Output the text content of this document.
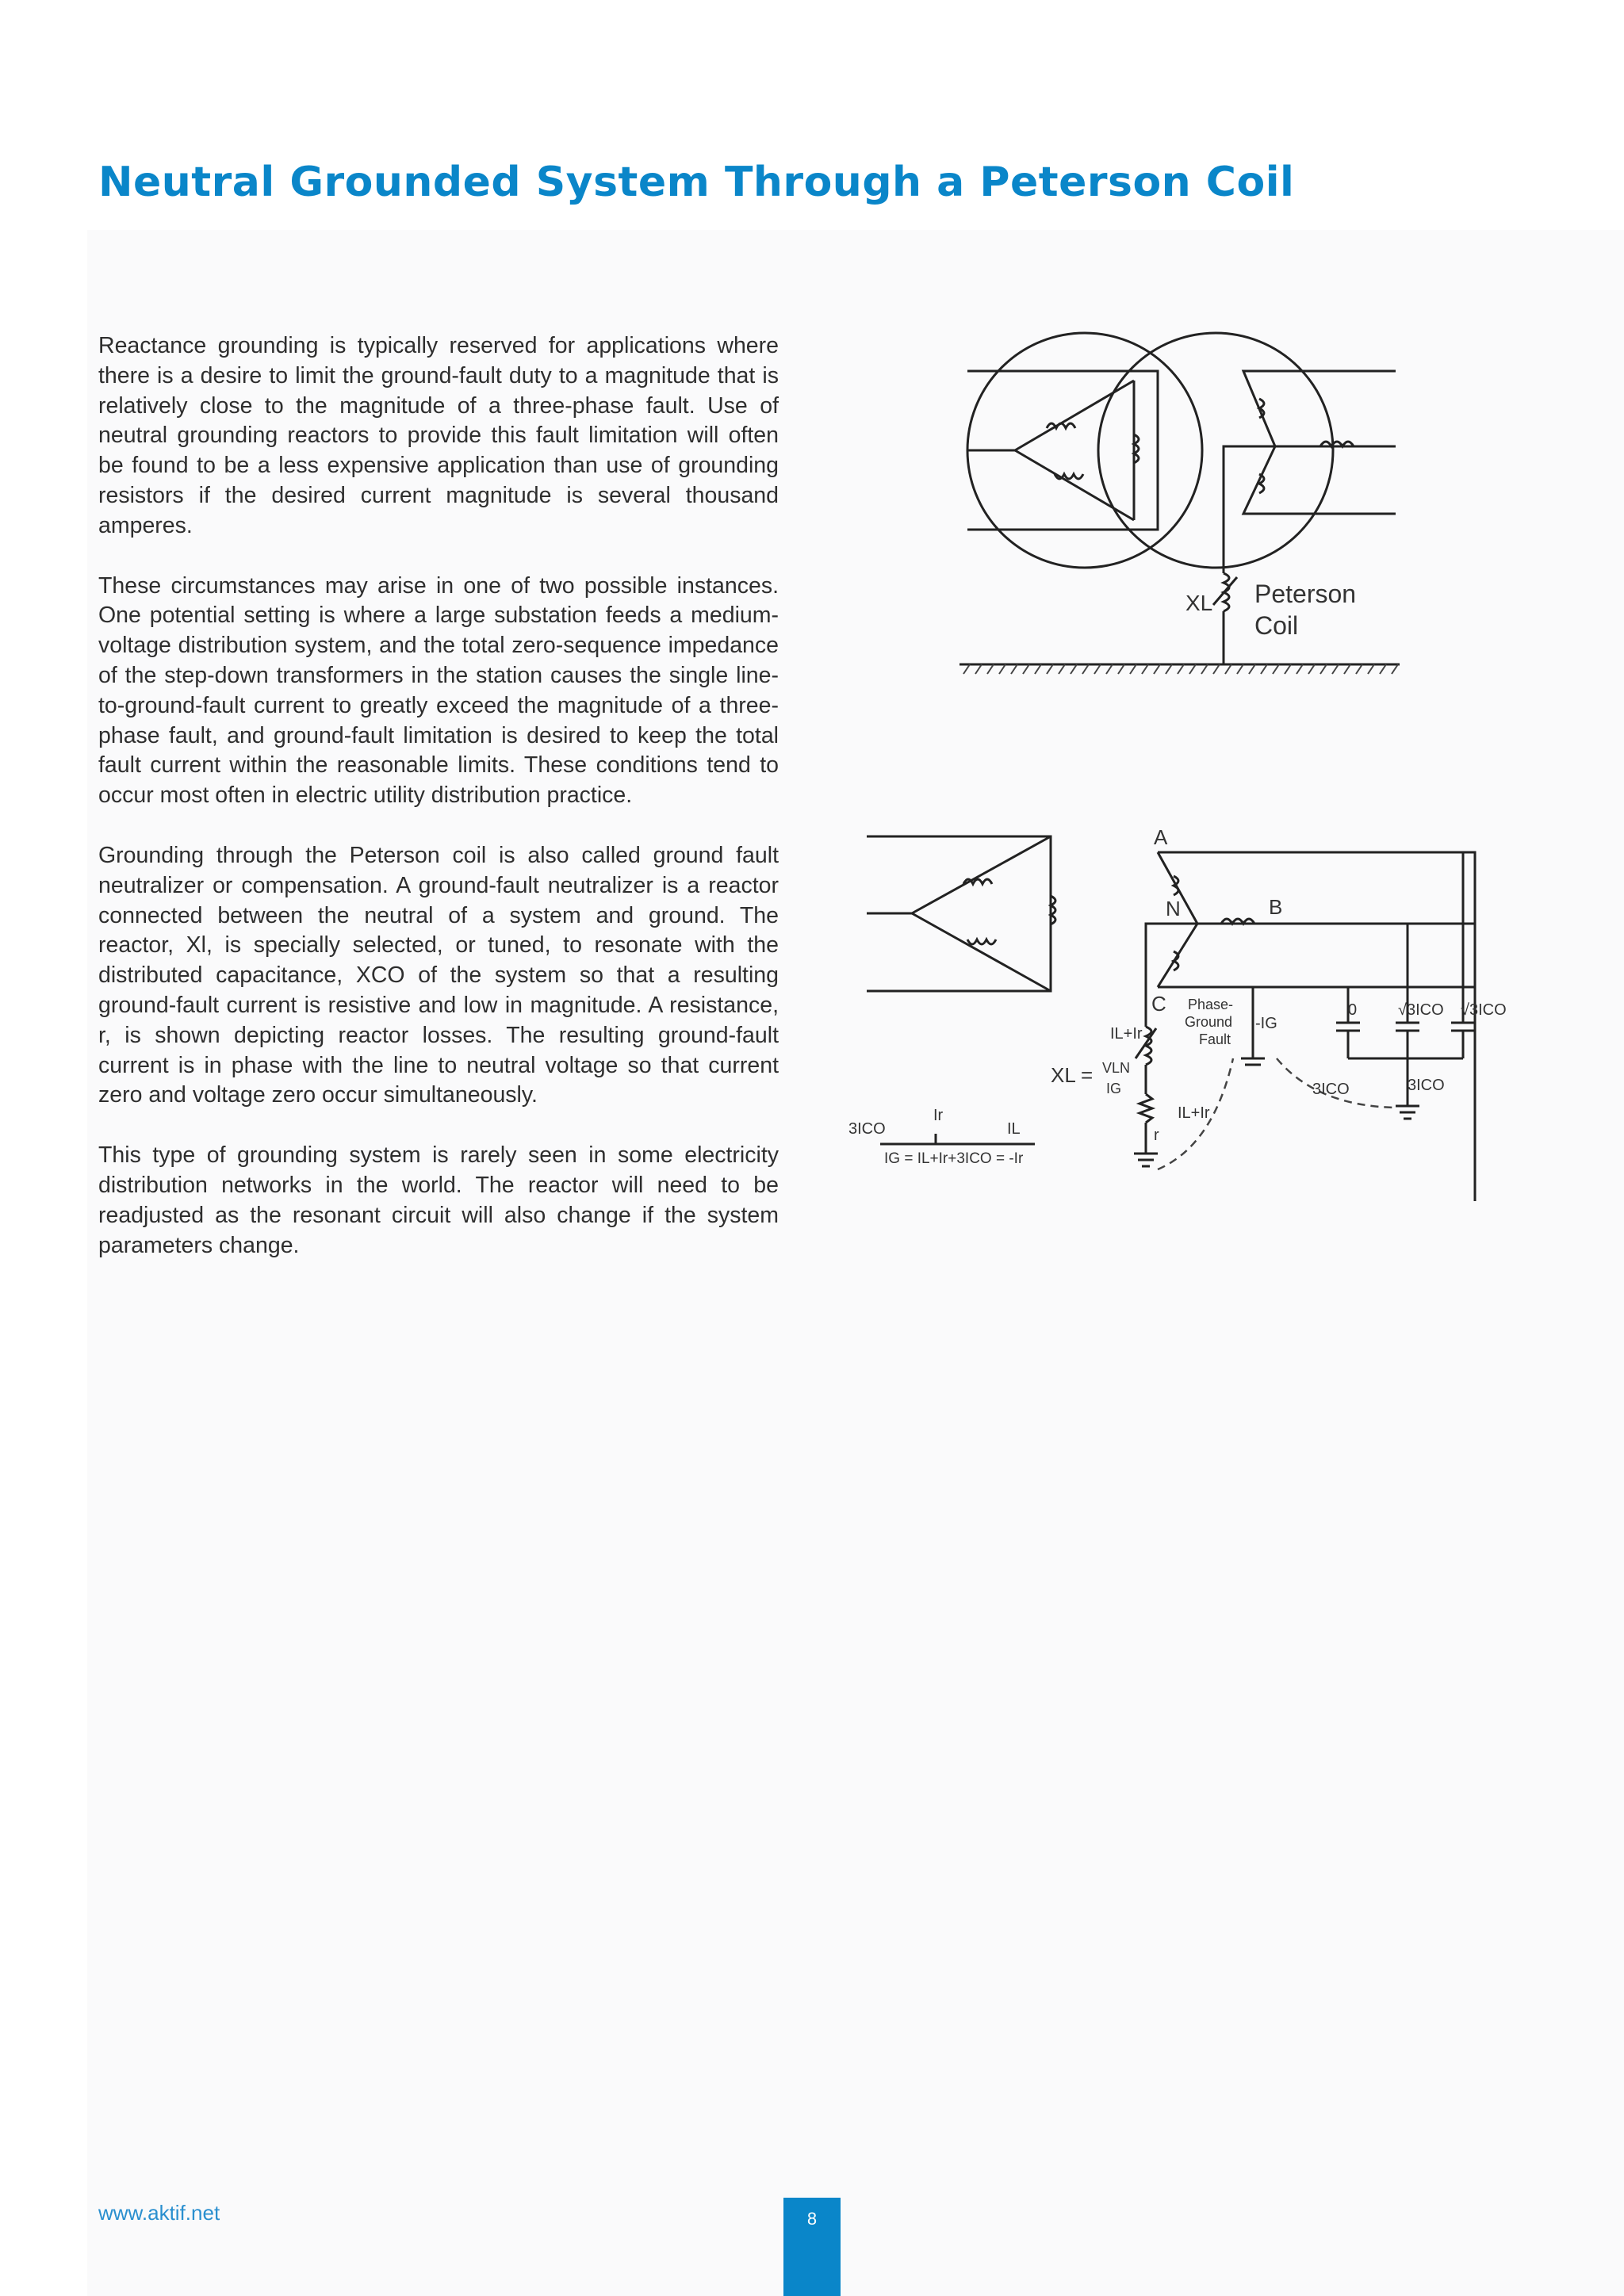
Neutral Grounded System Through a Peterson Coil

Reactance grounding is typically reserved for applications where there is a desire to limit the ground-fault duty to a magnitude that is relatively close to the magnitude of a three-phase fault. Use of neutral grounding reactors to provide this fault limitation will often be found to be a less expensive application than use of grounding resistors if the desired current magnitude is several thousand amperes.

These circumstances may arise in one of two possible instances. One potential setting is where a large substation feeds a medium-voltage distribution system, and the total zero-sequence impedance of the step-down transformers in the station causes the single line-to-ground-fault current to greatly exceed the magnitude of a three-phase fault, and ground-fault limitation is desired to keep the total fault current within the reasonable limits. These conditions tend to occur most often in electric utility distribution practice.

Grounding through the Peterson coil is also called ground fault neutralizer or compensation. A ground-fault neutralizer is a reactor connected between the neutral of a system and ground. The reactor, Xl, is specially selected, or tuned, to resonate with the distributed capacitance, XCO of the system so that a resulting ground-fault current is resistive and low in magnitude. A resistance, r, is shown depicting reactor losses. The resulting ground-fault current is in phase with the line to neutral voltage so that current zero and voltage zero occur simultaneously.

This type of grounding system is rarely seen in some electricity distribution networks in the world. The reactor will need to be readjusted as the resonant circuit will also change if the system parameters change.

XL Peterson
Coil
A
B
C
N
Phase-
Ground
Fault
-IG
0	√3ICO √3ICO
3ICO	3ICO
IL+Ir
IL+Ir
XL = VLN
IG
r
3ICO
Ir
IL
IG = IL+Ir+3ICO = -Ir
www.aktif.net	8
